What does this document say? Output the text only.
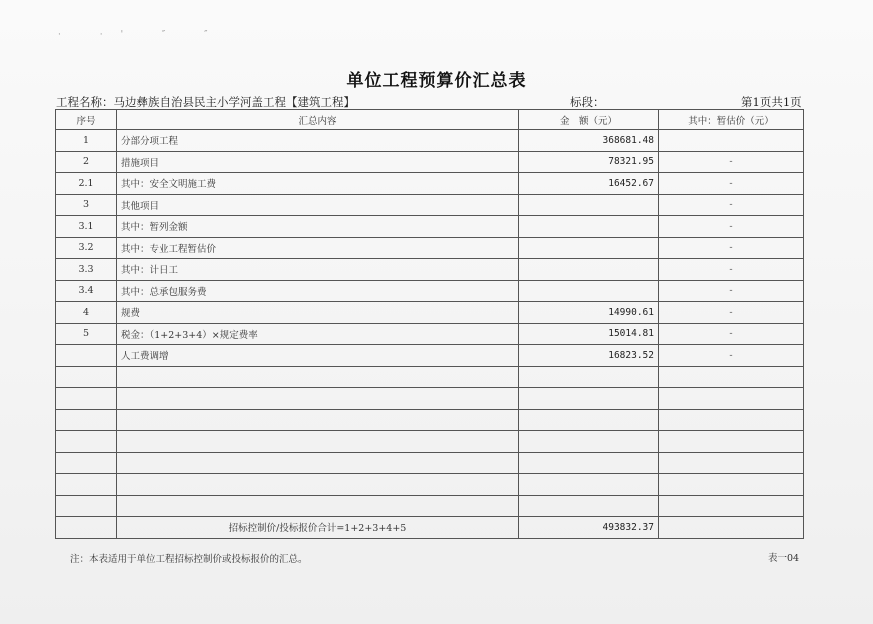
· ·' ″ ″
单位工程预算价汇总表
工程名称：马边彝族自治县民主小学河盖工程【建筑工程】	标段：	第1页共1页
序号	汇总内容	金　额（元）	其中：暂估价（元）
1	分部分项工程	368681.48	
2	措施项目	78321.95	-
2.1	其中：安全文明施工费	16452.67	-
3	其他项目		-
3.1	其中：暂列金额		-
3.2	其中：专业工程暂估价		-
3.3	其中：计日工		-
3.4	其中：总承包服务费		-
4	规费	14990.61	-
5	税金：（1+2+3+4）×规定费率	15014.81	-
	人工费调增	16823.52	-

	招标控制价/投标报价合计=1+2+3+4+5	493832.37	
注：本表适用于单位工程招标控制价或投标报价的汇总。	表一04
